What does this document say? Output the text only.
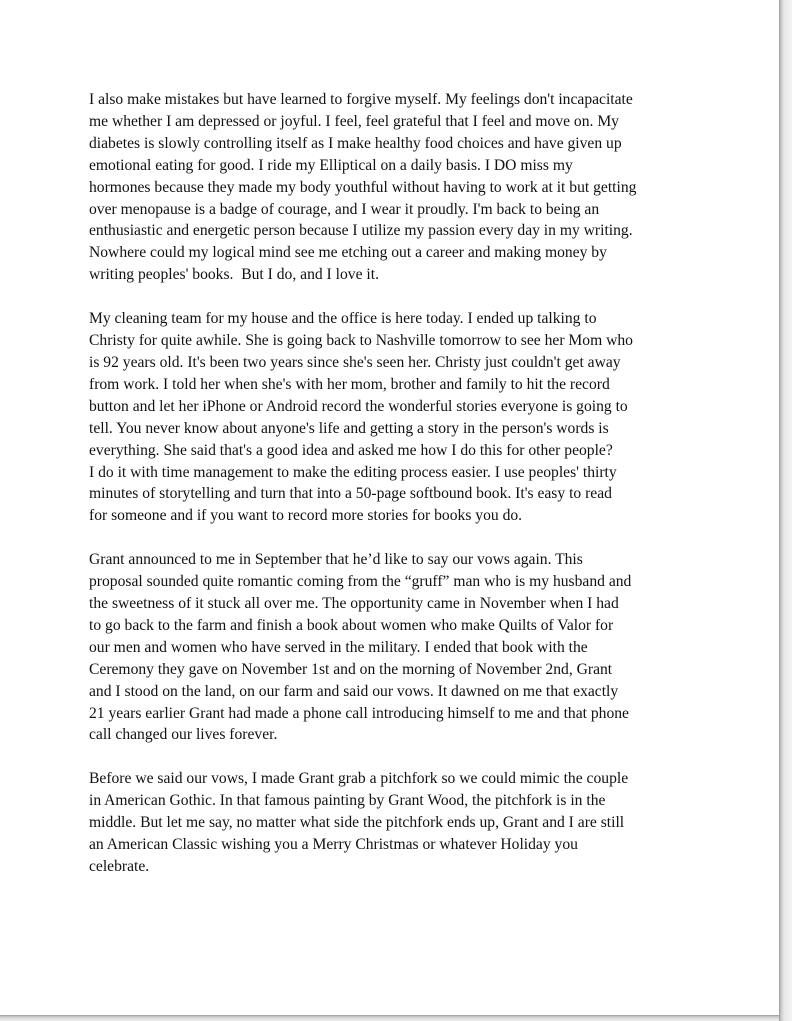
I also make mistakes but have learned to forgive myself. My feelings don't incapacitate
me whether I am depressed or joyful. I feel, feel grateful that I feel and move on. My
diabetes is slowly controlling itself as I make healthy food choices and have given up
emotional eating for good. I ride my Elliptical on a daily basis. I DO miss my
hormones because they made my body youthful without having to work at it but getting
over menopause is a badge of courage, and I wear it proudly. I'm back to being an
enthusiastic and energetic person because I utilize my passion every day in my writing.
Nowhere could my logical mind see me etching out a career and making money by
writing peoples' books.  But I do, and I love it.

My cleaning team for my house and the office is here today. I ended up talking to
Christy for quite awhile. She is going back to Nashville tomorrow to see her Mom who
is 92 years old. It's been two years since she's seen her. Christy just couldn't get away
from work. I told her when she's with her mom, brother and family to hit the record
button and let her iPhone or Android record the wonderful stories everyone is going to
tell. You never know about anyone's life and getting a story in the person's words is
everything. She said that's a good idea and asked me how I do this for other people?
I do it with time management to make the editing process easier. I use peoples' thirty
minutes of storytelling and turn that into a 50-page softbound book. It's easy to read
for someone and if you want to record more stories for books you do.

Grant announced to me in September that he’d like to say our vows again. This
proposal sounded quite romantic coming from the “gruff” man who is my husband and
the sweetness of it stuck all over me. The opportunity came in November when I had
to go back to the farm and finish a book about women who make Quilts of Valor for
our men and women who have served in the military. I ended that book with the
Ceremony they gave on November 1st and on the morning of November 2nd, Grant
and I stood on the land, on our farm and said our vows. It dawned on me that exactly
21 years earlier Grant had made a phone call introducing himself to me and that phone
call changed our lives forever.

Before we said our vows, I made Grant grab a pitchfork so we could mimic the couple
in American Gothic. In that famous painting by Grant Wood, the pitchfork is in the
middle. But let me say, no matter what side the pitchfork ends up, Grant and I are still
an American Classic wishing you a Merry Christmas or whatever Holiday you
celebrate.
